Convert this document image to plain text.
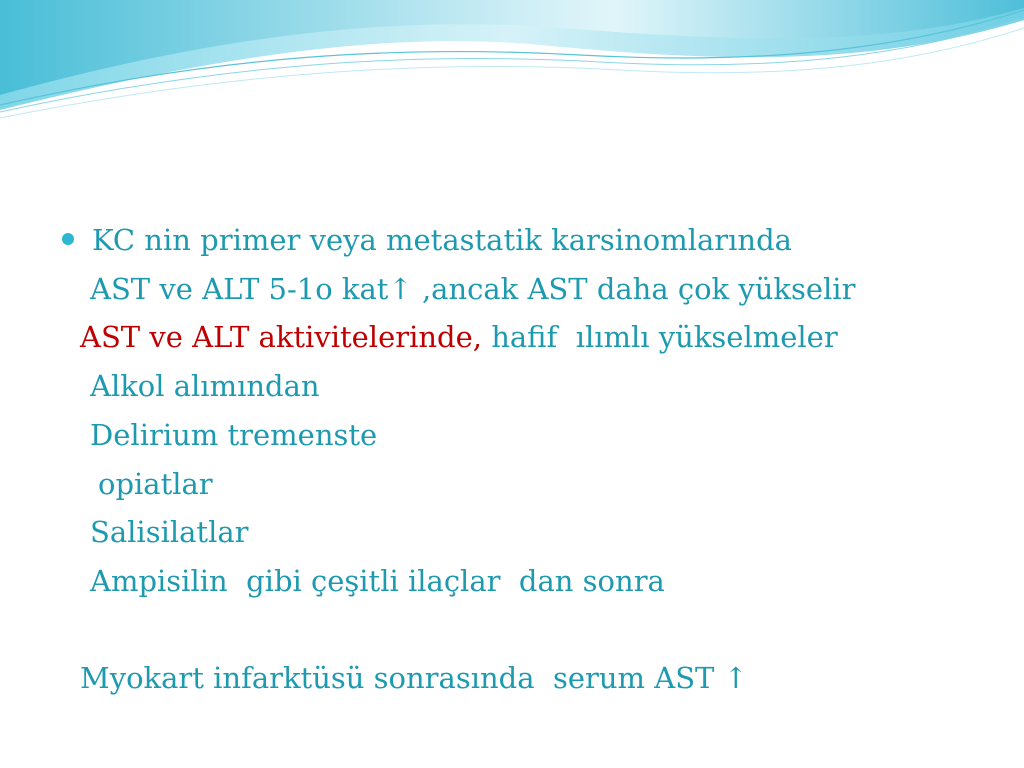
KC nin primer veya metastatik karsinomlarında
AST ve ALT 5-1o kat↑ ,ancak AST daha çok yükselir
AST ve ALT aktivitelerinde, hafif  ılımlı yükselmeler
Alkol alımından
Delirium tremenste
opiatlar
Salisilatlar
Ampisilin  gibi çeşitli ilaçlar  dan sonra
Myokart infarktüsü sonrasında  serum AST ↑
